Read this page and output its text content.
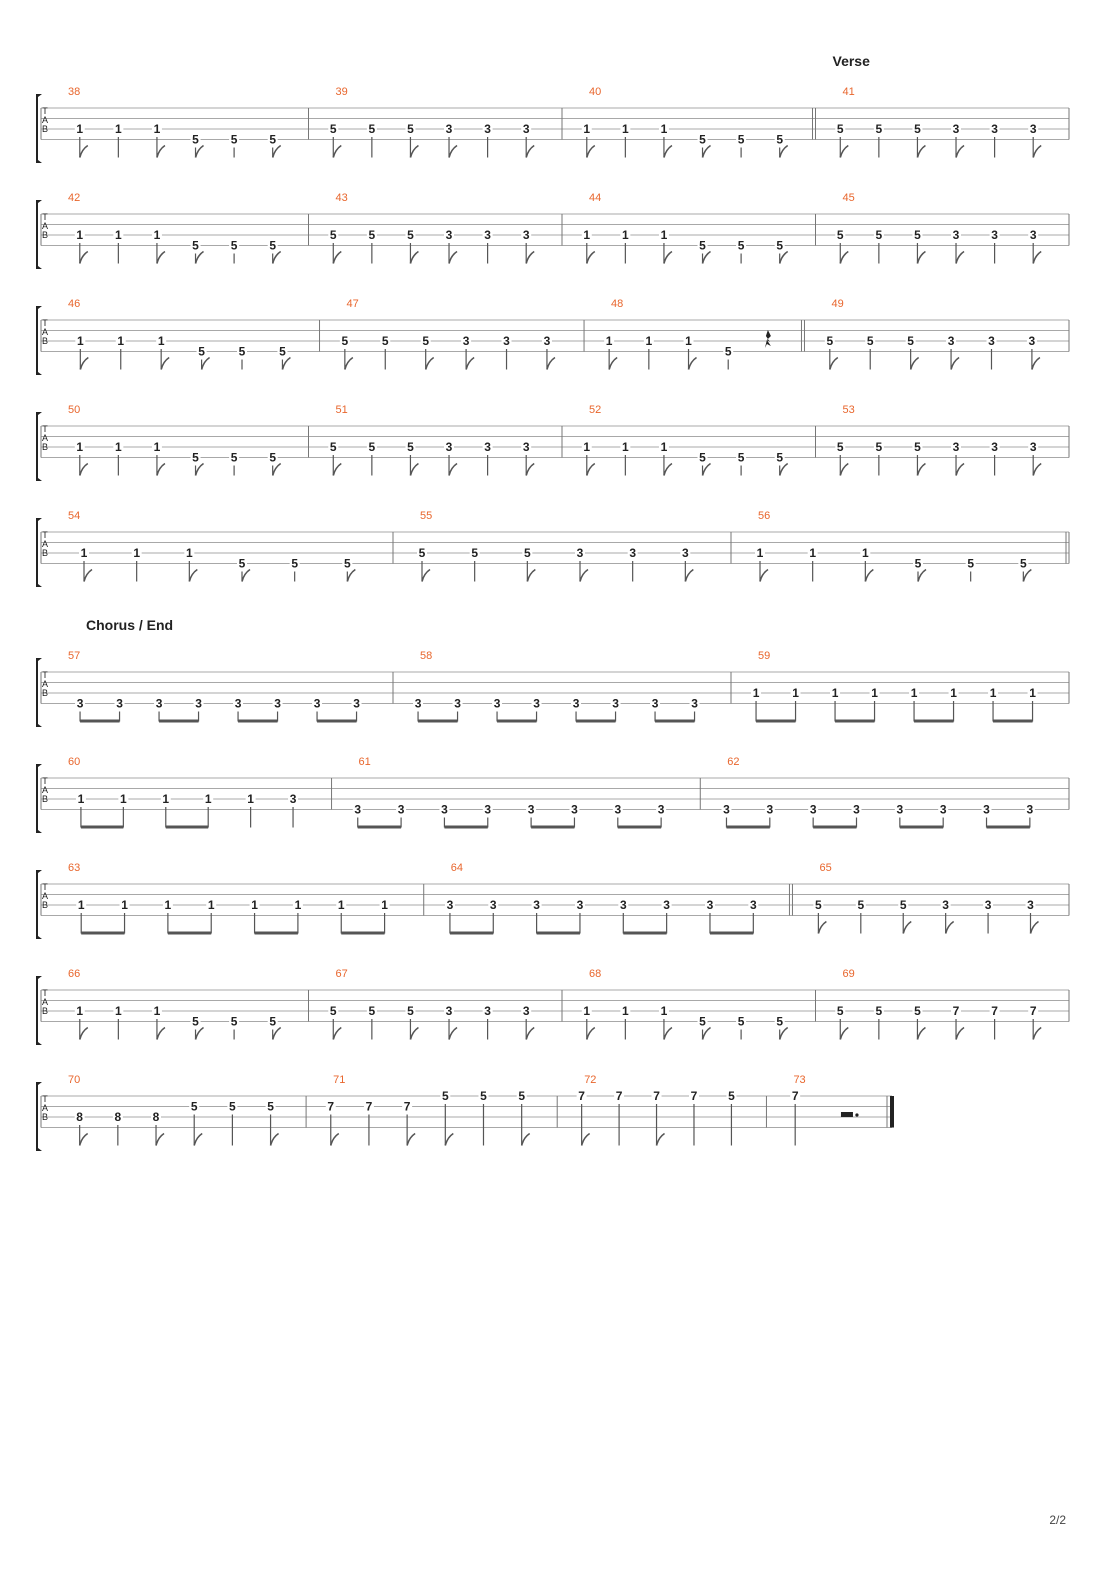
T
A
B
38
1	1	1
5	5	5
39
5	5	5	3	3	3
40
1	1	1
5	5	5
41
Verse
5	5	5	3	3	3
T
A
B
42
1	1	1
5	5	5
43
5	5	5	3	3	3
44
1	1	1
5	5	5
45
5	5	5	3	3	3
T
A
B
46
1	1	1
5	5	5
47
5	5	5	3	3	3
48
1	1	1
5
49
5	5	5	3	3	3
T
A
B
50
1	1	1
5	5	5
51
5	5	5	3	3	3
52
1	1	1
5	5	5
53
5	5	5	3	3	3
T
A
B
54
1	1	1
5	5	5
55
5	5	5	3	3	3
56
1	1	1
5	5	5
T
A
B
57
Chorus / End
3	3	3	3	3	3	3	3
58
3	3	3	3	3	3	3	3
59
1	1	1	1	1	1	1	1
T
A
B
60
1	1	1	1	1	3
61
3	3	3	3	3	3	3	3
62
3	3	3	3	3	3	3	3
T
A
B
63
1	1	1	1	1	1	1	1
64
3	3	3	3	3	3	3	3
65
5	5	5	3	3	3
T
A
B
66
1	1	1
5	5	5
67
5	5	5	3	3	3
68
1	1	1
5	5	5
69
5	5	5	7	7	7
T
A
B
70
8	8	8
5	5	5
71
7	7	7
5	5	5
72
7	7	7	7	5
73
7
2/2
